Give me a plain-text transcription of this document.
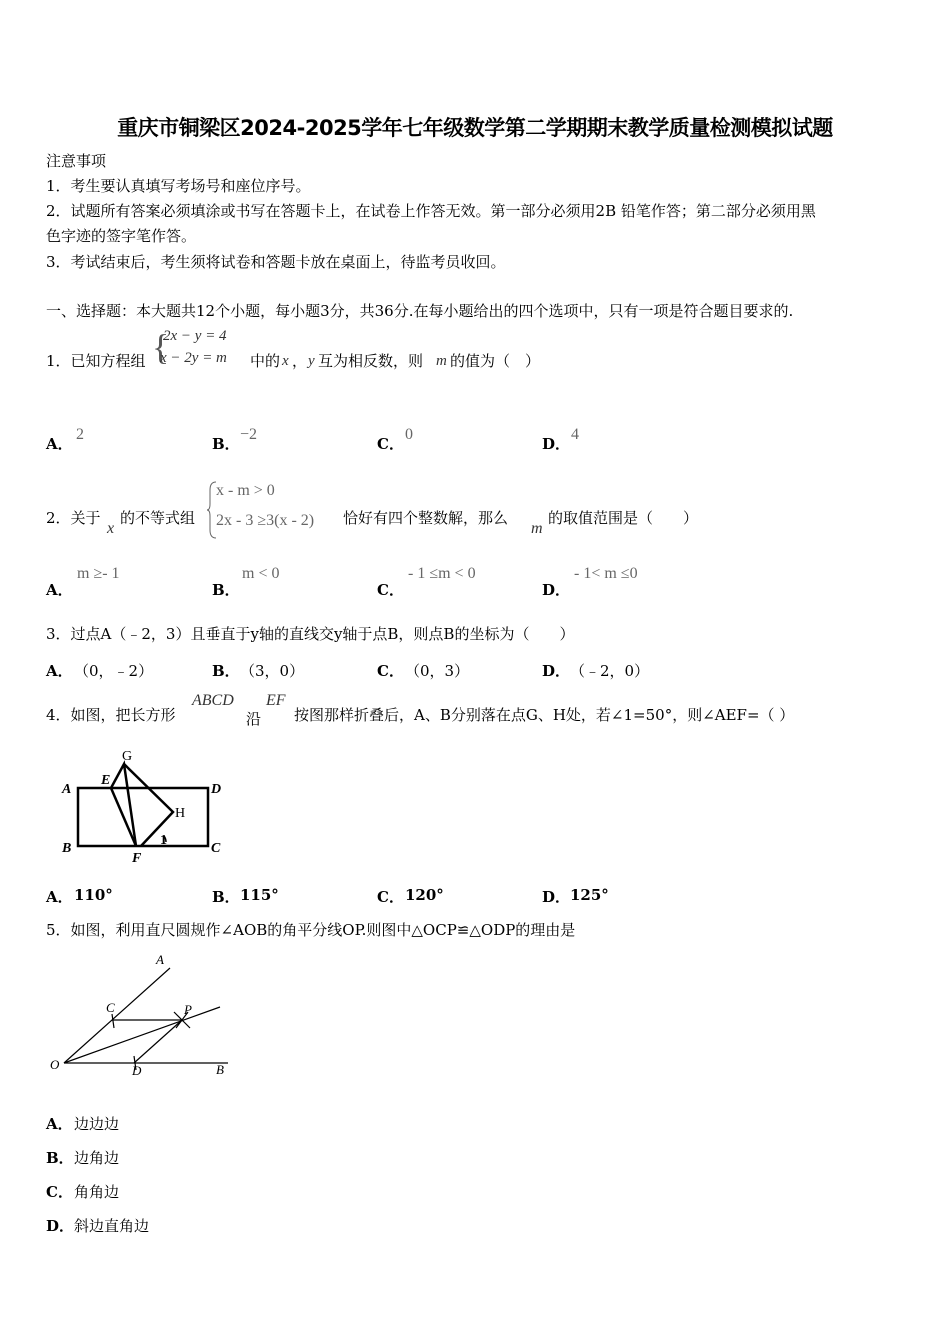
重庆市铜梁区2024-2025学年七年级数学第二学期期末教学质量检测模拟试题
注意事项
1．考生要认真填写考场号和座位序号。
2．试题所有答案必须填涂或书写在答题卡上，在试卷上作答无效。第一部分必须用2B 铅笔作答；第二部分必须用黑
色字迹的签字笔作答。
3．考试结束后，考生须将试卷和答题卡放在桌面上，待监考员收回。
一、选择题：本大题共12个小题，每小题3分，共36分.在每小题给出的四个选项中，只有一项是符合题目要求的.
1．已知方程组 {
2x − y = 4
x − 2y = m 中的 x ， y 互为相反数，则 m 的值为（　）
A．
2
B．
−2
C．
0
D．
4
2．关于
x
的不等式组
x - m > 0
2x - 3 ≥3(x - 2) 恰好有四个整数解，那么
m
的取值范围是（　　）
A．
m ≥- 1
B．
m < 0
C．
- 1 ≤m < 0
D．
- 1< m ≤0
3．过点A（﹣2，3）且垂直于y轴的直线交y轴于点B，则点B的坐标为（　　）
A． （0，﹣2）	B． （3，0）	C． （0，3）	D． （﹣2，0）
4．如图，把长方形
ABCD
沿
EF
按图那样折叠后，A、B分别落在点G、H处，若∠1=50°，则∠AEF=（ ）
A
B	C
D
E
F
G
H
1
A． 110°	B． 115°	C． 120°	D． 125°
5．如图，利用直尺圆规作∠AOB的角平分线OP.则图中△OCP≌△ODP的理由是
A
B
C
D
O
P
A． 边边边
B． 边角边
C． 角角边
D． 斜边直角边
